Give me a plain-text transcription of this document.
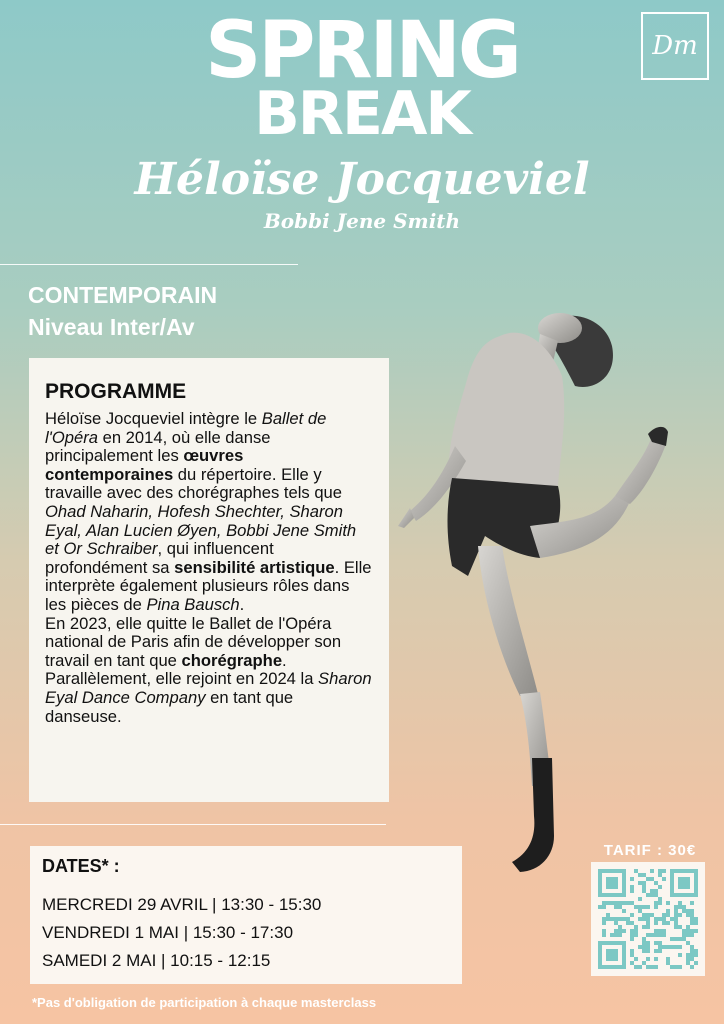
SPRING
BREAK
Héloïse Jocqueviel
Bobbi Jene Smith
Dm
CONTEMPORAIN
Niveau Inter/Av
PROGRAMME
Héloïse Jocqueviel intègre le Ballet de l'Opéra en 2014, où elle danse principalement les œuvres contemporaines du répertoire. Elle y travaille avec des chorégraphes tels que Ohad Naharin, Hofesh Shechter, Sharon Eyal, Alan Lucien Øyen, Bobbi Jene Smith et Or Schraiber, qui influencent profondément sa sensibilité artistique. Elle interprète également plusieurs rôles dans les pièces de Pina Bausch.
En 2023, elle quitte le Ballet de l'Opéra national de Paris afin de développer son travail en tant que chorégraphe.
Parallèlement, elle rejoint en 2024 la Sharon Eyal Dance Company en tant que danseuse.
DATES* :
MERCREDI 29 AVRIL | 13:30 - 15:30
VENDREDI 1 MAI | 15:30 - 17:30
SAMEDI 2 MAI | 10:15 - 12:15
TARIF : 30€
*Pas d'obligation de participation à chaque masterclass
